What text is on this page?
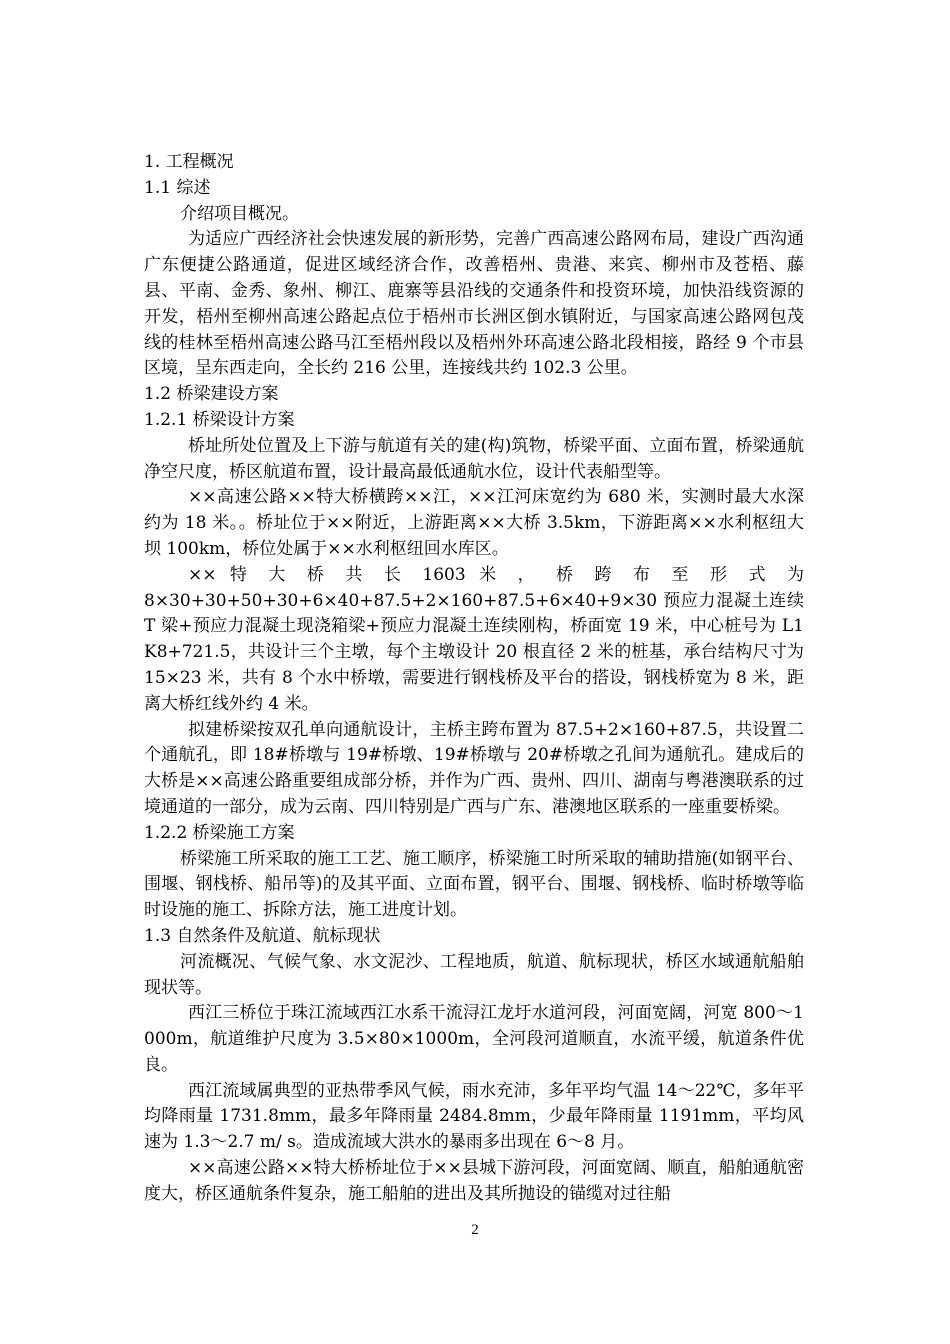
1. 工程概况

1.1 综述

介绍项目概况。

为适应广西经济社会快速发展的新形势，完善广西高速公路网布局，建设广西沟通广东便捷公路通道，促进区域经济合作，改善梧州、贵港、来宾、柳州市及苍梧、藤县、平南、金秀、象州、柳江、鹿寨等县沿线的交通条件和投资环境，加快沿线资源的开发，梧州至柳州高速公路起点位于梧州市长洲区倒水镇附近，与国家高速公路网包茂线的桂林至梧州高速公路马江至梧州段以及梧州外环高速公路北段相接，路经 9 个市县区境，呈东西走向，全长约 216 公里，连接线共约 102.3 公里。

1.2 桥梁建设方案

1.2.1 桥梁设计方案

桥址所处位置及上下游与航道有关的建(构)筑物，桥梁平面、立面布置，桥梁通航净空尺度，桥区航道布置，设计最高最低通航水位，设计代表船型等。

××高速公路××特大桥横跨××江，××江河床宽约为 680 米，实测时最大水深约为 18 米。。桥址位于××附近，上游距离××大桥 3.5km，下游距离××水利枢纽大坝 100km，桥位处属于××水利枢纽回水库区。

×× 特 大 桥 共 长 1603 米 ， 桥 跨 布 至 形 式 为

8×30+30+50+30+6×40+87.5+2×160+87.5+6×40+9×30 预应力混凝土连续 T 梁+预应力混凝土现浇箱梁+预应力混凝土连续刚构，桥面宽 19 米，中心桩号为 L1K8+721.5，共设计三个主墩，每个主墩设计 20 根直径 2 米的桩基，承台结构尺寸为 15×23 米，共有 8 个水中桥墩，需要进行钢栈桥及平台的搭设，钢栈桥宽为 8 米，距离大桥红线外约 4 米。

拟建桥梁按双孔单向通航设计，主桥主跨布置为 87.5+2×160+87.5，共设置二个通航孔，即 18#桥墩与 19#桥墩、19#桥墩与 20#桥墩之孔间为通航孔。建成后的大桥是××高速公路重要组成部分桥，并作为广西、贵州、四川、湖南与粤港澳联系的过境通道的一部分，成为云南、四川特别是广西与广东、港澳地区联系的一座重要桥梁。

1.2.2 桥梁施工方案

桥梁施工所采取的施工工艺、施工顺序，桥梁施工时所采取的辅助措施(如钢平台、围堰、钢栈桥、船吊等)的及其平面、立面布置，钢平台、围堰、钢栈桥、临时桥墩等临时设施的施工、拆除方法，施工进度计划。

1.3 自然条件及航道、航标现状

河流概况、气候气象、水文泥沙、工程地质，航道、航标现状，桥区水域通航船舶现状等。

西江三桥位于珠江流域西江水系干流浔江龙圩水道河段，河面宽阔，河宽 800～1000m，航道维护尺度为 3.5×80×1000m，全河段河道顺直，水流平缓，航道条件优良。

西江流域属典型的亚热带季风气候，雨水充沛，多年平均气温 14～22℃，多年平均降雨量 1731.8mm，最多年降雨量 2484.8mm，少最年降雨量 1191mm，平均风速为 1.3～2.7 m/ s。造成流域大洪水的暴雨多出现在 6～8 月。

××高速公路××特大桥桥址位于××县城下游河段，河面宽阔、顺直，船舶通航密度大，桥区通航条件复杂，施工船舶的进出及其所抛设的锚缆对过往船

2
